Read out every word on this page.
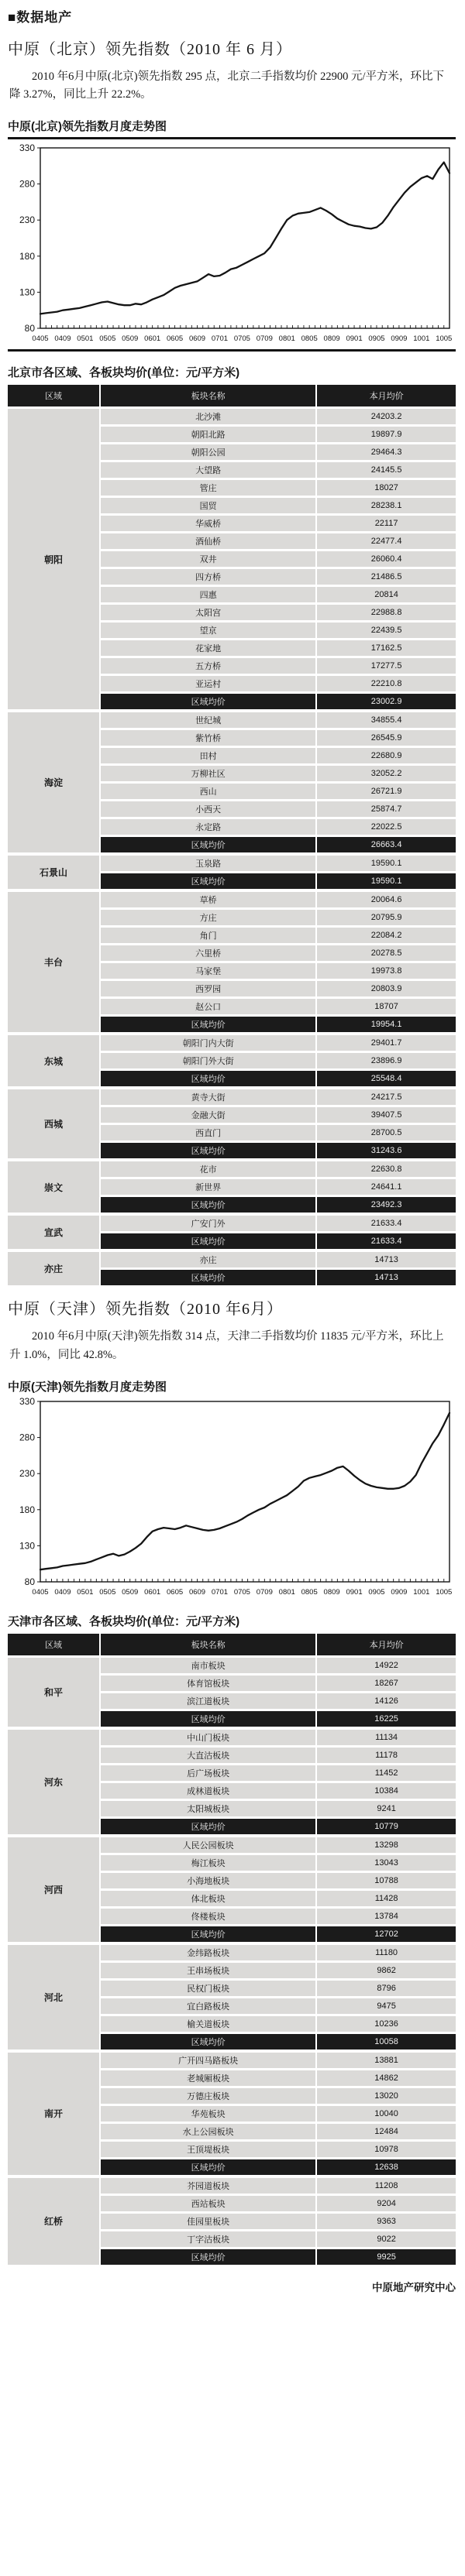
■数据地产
中原（北京）领先指数（2010 年 6 月）
2010 年6月中原(北京)领先指数 295 点，北京二手指数均价 22900 元/平方米，环比下降 3.27%，同比上升 22.2%。
中原(北京)领先指数月度走势图
330
280
230
180
130
80
0405 0409 0501 0505 0509 0601 0605 0609 0701 0705 0709 0801 0805 0809 0901 0905 0909 1001 1005
北京市各区域、各板块均价(单位：元/平方米)
区域	板块名称	本月均价
朝阳
北沙滩	24203.2
朝阳北路	19897.9
朝阳公园	29464.3
大望路	24145.5
管庄	18027
国贸	28238.1
华威桥	22117
酒仙桥	22477.4
双井	26060.4
四方桥	21486.5
四惠	20814
太阳宫	22988.8
望京	22439.5
花家地	17162.5
五方桥	17277.5
亚运村	22210.8
区域均价	23002.9
海淀
世纪城	34855.4
紫竹桥	26545.9
田村	22680.9
万柳社区	32052.2
西山	26721.9
小西天	25874.7
永定路	22022.5
区域均价	26663.4
石景山
玉泉路	19590.1
区域均价	19590.1
丰台
草桥	20064.6
方庄	20795.9
角门	22084.2
六里桥	20278.5
马家堡	19973.8
西罗园	20803.9
赵公口	18707
区域均价	19954.1
东城
朝阳门内大街	29401.7
朝阳门外大街	23896.9
区域均价	25548.4
西城
黄寺大街	24217.5
金融大街	39407.5
西直门	28700.5
区域均价	31243.6
崇文
花市	22630.8
新世界	24641.1
区域均价	23492.3
宣武
广安门外	21633.4
区域均价	21633.4
亦庄
亦庄	14713
区域均价	14713
中原（天津）领先指数（2010 年6月）
2010 年6月中原(天津)领先指数 314 点，天津二手指数均价 11835 元/平方米，环比上升 1.0%，同比 42.8%。
中原(天津)领先指数月度走势图
330
280
230
180
130
80
0405 0409 0501 0505 0509 0601 0605 0609 0701 0705 0709 0801 0805 0809 0901 0905 0909 1001 1005
天津市各区域、各板块均价(单位：元/平方米)
区域	板块名称	本月均价
和平
南市板块	14922
体育馆板块	18267
滨江道板块	14126
区域均价	16225
河东
中山门板块	11134
大直沽板块	11178
后广场板块	11452
成林道板块	10384
太阳城板块	9241
区域均价	10779
河西
人民公园板块	13298
梅江板块	13043
小海地板块	10788
体北板块	11428
佟楼板块	13784
区域均价	12702
河北
金纬路板块	11180
王串场板块	9862
民权门板块	8796
宜白路板块	9475
榆关道板块	10236
区域均价	10058
南开
广开四马路板块	13881
老城厢板块	14862
万德庄板块	13020
华苑板块	10040
水上公园板块	12484
王顶堤板块	10978
区域均价	12638
红桥
芥园道板块	11208
西站板块	9204
佳园里板块	9363
丁字沽板块	9022
区域均价	9925
中原地产研究中心
